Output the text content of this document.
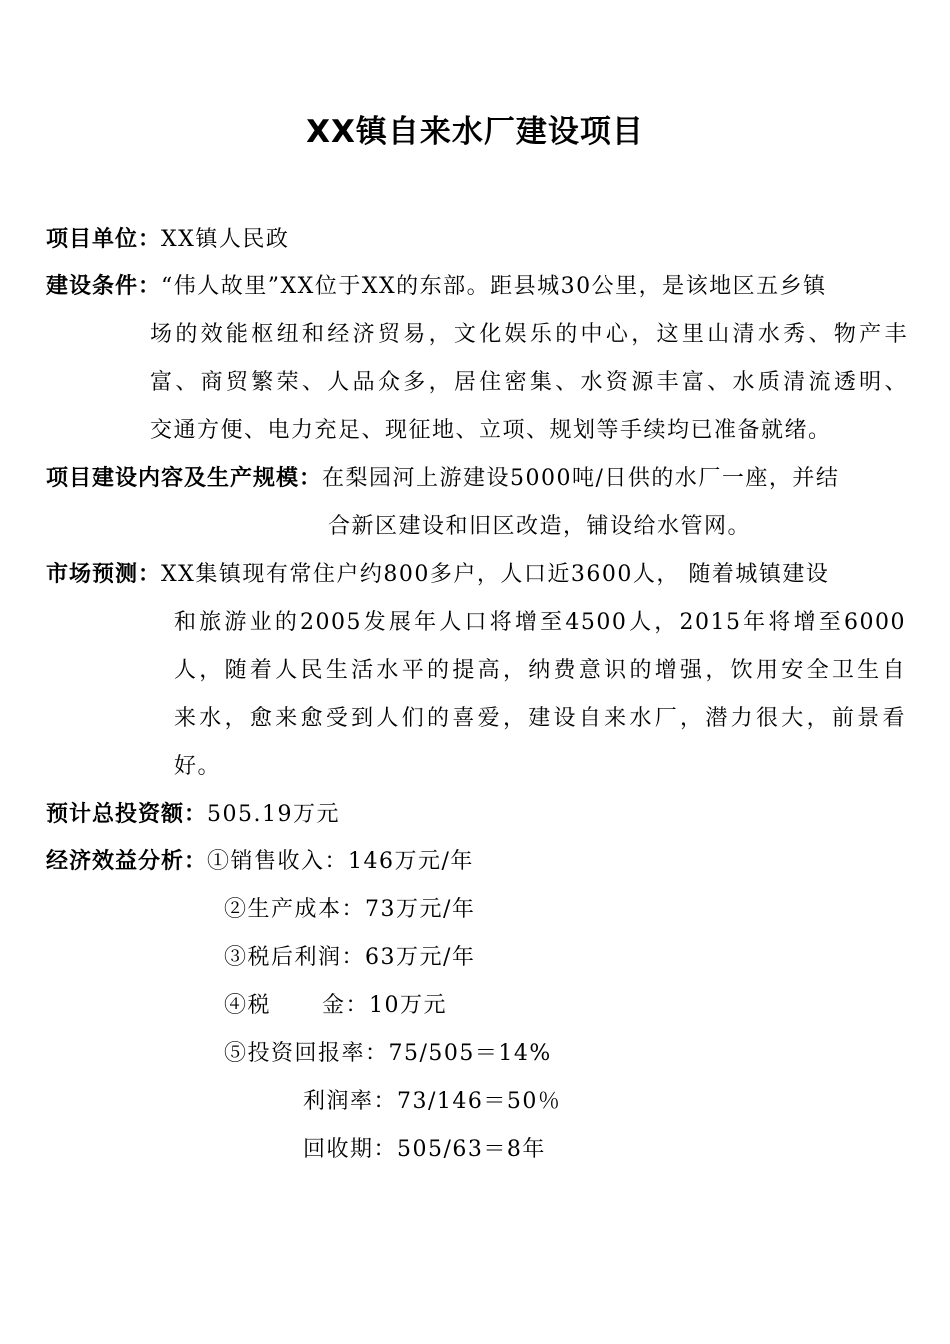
XX镇自来水厂建设项目
项目单位：XX镇人民政
建设条件：“伟人故里”XX位于XX的东部。距县城30公里，是该地区五乡镇
场的效能枢纽和经济贸易，文化娱乐的中心，这里山清水秀、物产丰
富、商贸繁荣、人品众多，居住密集、水资源丰富、水质清流透明、
交通方便、电力充足、现征地、立项、规划等手续均已准备就绪。
项目建设内容及生产规模：在梨园河上游建设5000吨/日供的水厂一座，并结
合新区建设和旧区改造，铺设给水管网。
市场预测：XX集镇现有常住户约800多户，人口近3600人， 随着城镇建设
和旅游业的2005发展年人口将增至4500人，2015年将增至6000
人，随着人民生活水平的提高，纳费意识的增强，饮用安全卫生自
来水，愈来愈受到人们的喜爱，建设自来水厂，潜力很大，前景看
好。
预计总投资额：505.19万元
经济效益分析：①销售收入：146万元/年
②生产成本：73万元/年
③税后利润：63万元/年
④税      金：10万元
⑤投资回报率：75/505＝14%
利润率：73/146＝50％
回收期：505/63＝8年
